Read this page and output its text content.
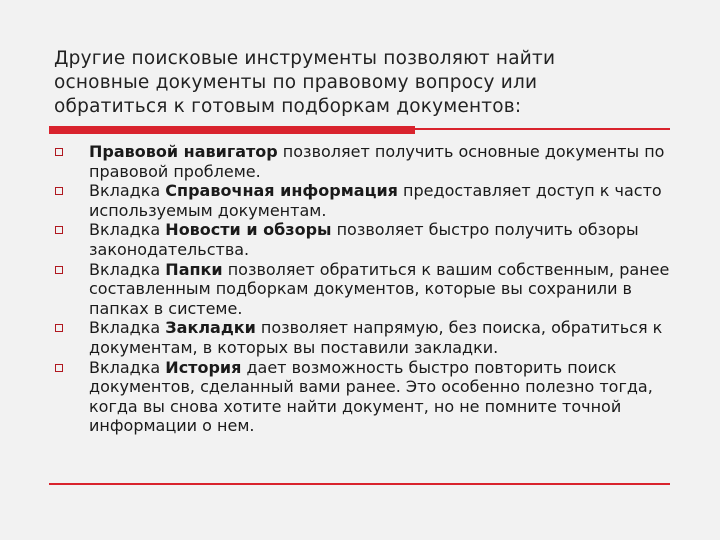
Другие поисковые инструменты позволяют найти
основные документы по правовому вопросу или
обратиться к готовым подборкам документов:
Правовой навигатор позволяет получить основные документы по правовой проблеме.
Вкладка Справочная информация предоставляет доступ к часто используемым документам.
Вкладка Новости и обзоры позволяет быстро получить обзоры законодательства.
Вкладка Папки позволяет обратиться к вашим собственным, ранее составленным подборкам документов, которые вы сохранили в папках в системе.
Вкладка Закладки позволяет напрямую, без поиска, обратиться к документам, в которых вы поставили закладки.
Вкладка История дает возможность быстро повторить поиск документов, сделанный вами ранее. Это особенно полезно тогда, когда вы снова хотите найти документ, но не помните точной информации о нем.
